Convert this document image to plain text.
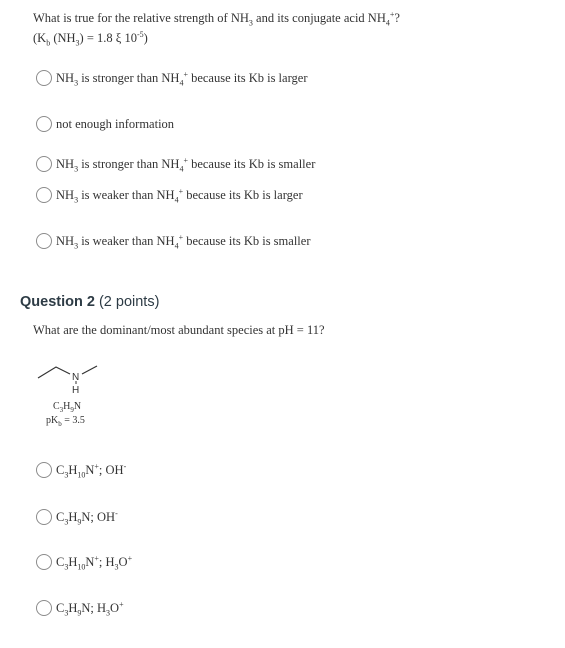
What is true for the relative strength of $NH_3$ and its conjugate acid $NH_4^+$?
($K_b$ $(NH_3) = 1.8$ ξ $10^{-5}$)
$NH_3$ is stronger than $NH_4^+$ because its Kb is larger
not enough information
$NH_3$ is stronger than $NH_4^+$ because its Kb is smaller
$NH_3$ is weaker than $NH_4^+$ because its Kb is larger
$NH_3$ is weaker than $NH_4^+$ because its Kb is smaller
Question 2 (2 points)
What are the dominant/most abundant species at pH = 11?
N
H
$C_3H_9N$
$pK_b = 3.5$
$C_3H_{10}N^+$; OH-
$C_3H_9N$; OH-
$C_3H_{10}N^+$; $H_3O^+$
$C_3H_9N$; $H_3O^+$
